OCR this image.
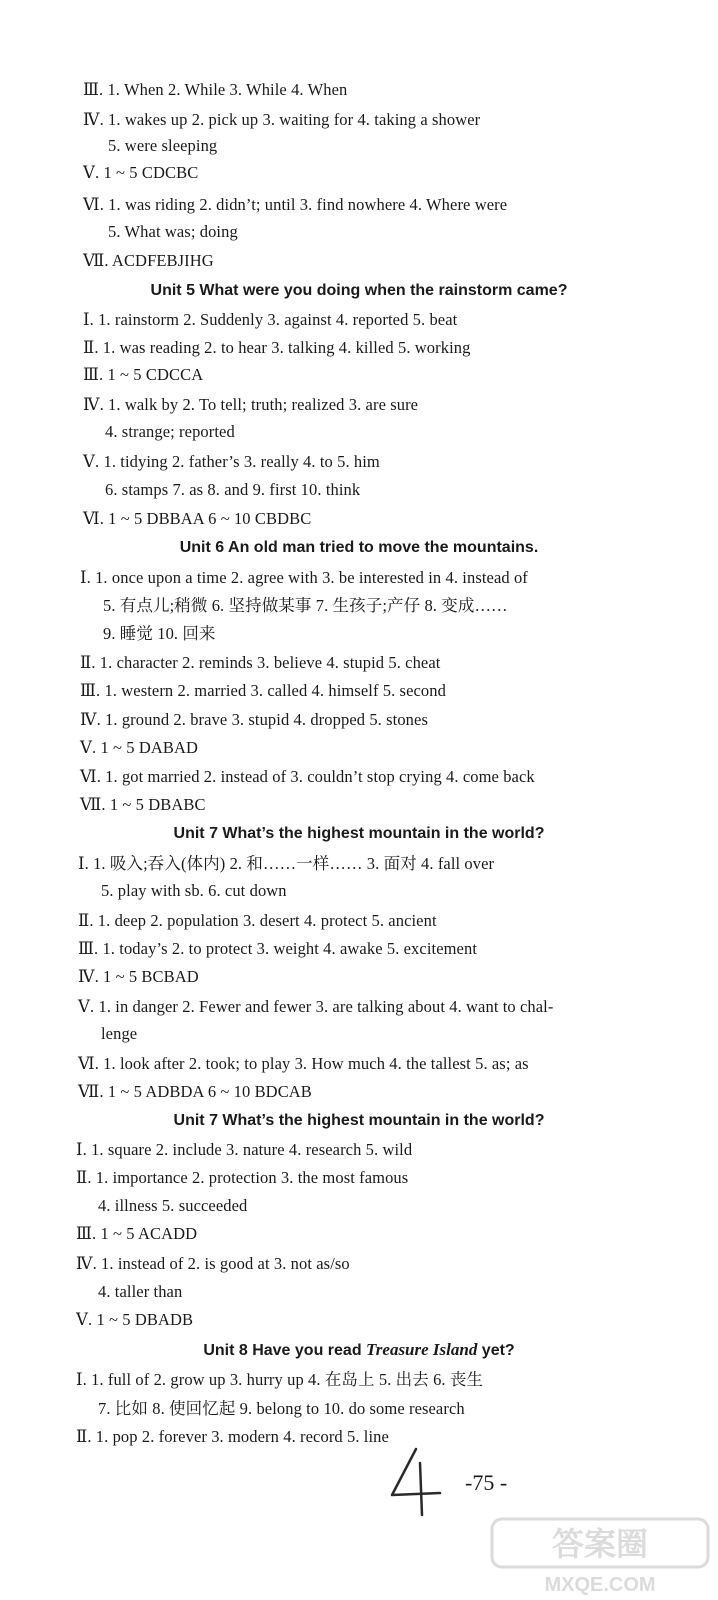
Ⅲ. 1. When 2. While 3. While 4. When
Ⅳ. 1. wakes up 2. pick up 3. waiting for 4. taking a shower
5. were sleeping
Ⅴ. 1 ~ 5 CDCBC
Ⅵ. 1. was riding 2. didn’t; until 3. find nowhere 4. Where were
5. What was; doing
Ⅶ. ACDFEBJIHG
Unit 5 What were you doing when the rainstorm came?
Ⅰ. 1. rainstorm 2. Suddenly 3. against 4. reported 5. beat
Ⅱ. 1. was reading 2. to hear 3. talking 4. killed 5. working
Ⅲ. 1 ~ 5 CDCCA
Ⅳ. 1. walk by 2. To tell; truth; realized 3. are sure
4. strange; reported
Ⅴ. 1. tidying 2. father’s 3. really 4. to 5. him
6. stamps 7. as 8. and 9. first 10. think
Ⅵ. 1 ~ 5 DBBAA 6 ~ 10 CBDBC
Unit 6 An old man tried to move the mountains.
Ⅰ. 1. once upon a time 2. agree with 3. be interested in 4. instead of
5. 有点儿;稍微 6. 坚持做某事 7. 生孩子;产仔 8. 变成……
9. 睡觉 10. 回来
Ⅱ. 1. character 2. reminds 3. believe 4. stupid 5. cheat
Ⅲ. 1. western 2. married 3. called 4. himself 5. second
Ⅳ. 1. ground 2. brave 3. stupid 4. dropped 5. stones
Ⅴ. 1 ~ 5 DABAD
Ⅵ. 1. got married 2. instead of 3. couldn’t stop crying 4. come back
Ⅶ. 1 ~ 5 DBABC
Unit 7 What’s the highest mountain in the world?
Ⅰ. 1. 吸入;吞入(体内) 2. 和……一样…… 3. 面对 4. fall over
5. play with sb. 6. cut down
Ⅱ. 1. deep 2. population 3. desert 4. protect 5. ancient
Ⅲ. 1. today’s 2. to protect 3. weight 4. awake 5. excitement
Ⅳ. 1 ~ 5 BCBAD
Ⅴ. 1. in danger 2. Fewer and fewer 3. are talking about 4. want to chal-
lenge
Ⅵ. 1. look after 2. took; to play 3. How much 4. the tallest 5. as; as
Ⅶ. 1 ~ 5 ADBDA 6 ~ 10 BDCAB
Unit 7 What’s the highest mountain in the world?
Ⅰ. 1. square 2. include 3. nature 4. research 5. wild
Ⅱ. 1. importance 2. protection 3. the most famous
4. illness 5. succeeded
Ⅲ. 1 ~ 5 ACADD
Ⅳ. 1. instead of 2. is good at 3. not as/so
4. taller than
Ⅴ. 1 ~ 5 DBADB
Unit 8 Have you read Treasure Island yet?
Ⅰ. 1. full of 2. grow up 3. hurry up 4. 在岛上 5. 出去 6. 丧生
7. 比如 8. 使回忆起 9. belong to 10. do some research
Ⅱ. 1. pop 2. forever 3. modern 4. record 5. line
-75 -
答案圈
MXQE.COM
